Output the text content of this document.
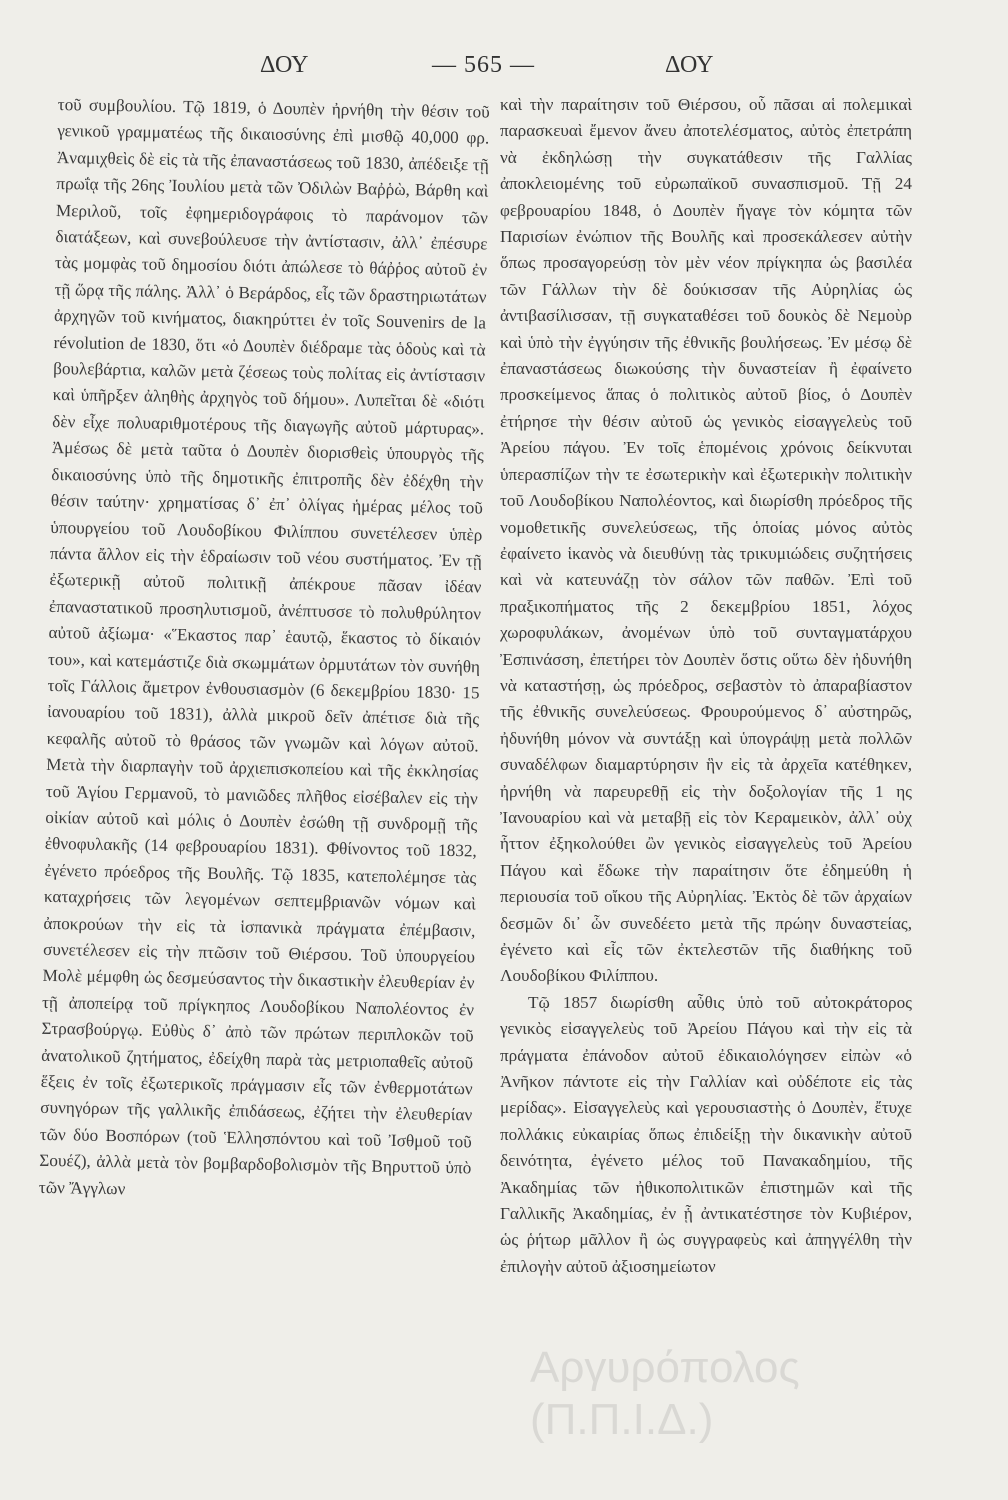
ΔΟΥ	— 565 —	ΔΟΥ

τοῦ συμβουλίου. Τῷ 1819, ὁ Δουπὲν ἠρνήθη τὴν θέσιν τοῦ γενικοῦ γραμματέως τῆς δικαιοσύνης ἐπὶ μισθῷ 40,000 φρ. Ἀναμιχθεὶς δὲ εἰς τὰ τῆς ἐπαναστάσεως τοῦ 1830, ἀπέδειξε τῇ πρωΐᾳ τῆς 26ης Ἰουλίου μετὰ τῶν Ὀδιλὼν Βαῤῥὼ, Βάρθη καὶ Μεριλοῦ, τοῖς ἐφημεριδογράφοις τὸ παράνομον τῶν διατάξεων, καὶ συνεβούλευσε τὴν ἀντίστασιν, ἀλλ᾽ ἐπέσυρε τὰς μομφὰς τοῦ δημοσίου διότι ἀπώλεσε τὸ θάῤῥος αὐτοῦ ἐν τῇ ὥρᾳ τῆς πάλης. Ἀλλ᾽ ὁ Βεράρδος, εἷς τῶν δραστηριωτάτων ἀρχηγῶν τοῦ κινήματος, διακηρύττει ἐν τοῖς Souvenirs de la révolution de 1830, ὅτι «ὁ Δουπὲν διέδραμε τὰς ὁδοὺς καὶ τὰ βουλεβάρτια, καλῶν μετὰ ζέσεως τοὺς πολίτας εἰς ἀντίστασιν καὶ ὑπῆρξεν ἀληθὴς ἀρχηγὸς τοῦ δήμου». Λυπεῖται δὲ «διότι δὲν εἶχε πολυαριθμοτέρους τῆς διαγωγῆς αὐτοῦ μάρτυρας». Ἀμέσως δὲ μετὰ ταῦτα ὁ Δουπὲν διορισθεὶς ὑπουργὸς τῆς δικαιοσύνης ὑπὸ τῆς δημοτικῆς ἐπιτροπῆς δὲν ἐδέχθη τὴν θέσιν ταύτην· χρηματίσας δ᾽ ἐπ᾽ ὀλίγας ἡμέρας μέλος τοῦ ὑπουργείου τοῦ Λουδοβίκου Φιλίππου συνετέλεσεν ὑπὲρ πάντα ἄλλον εἰς τὴν ἑδραίωσιν τοῦ νέου συστήματος. Ἐν τῇ ἐξωτερικῇ αὐτοῦ πολιτικῇ ἀπέκρουε πᾶσαν ἰδέαν ἐπαναστατικοῦ προσηλυτισμοῦ, ἀνέπτυσσε τὸ πολυθρύλητον αὐτοῦ ἀξίωμα· «Ἕκαστος παρ᾽ ἑαυτῷ, ἕκαστος τὸ δίκαιόν του», καὶ κατεμάστιζε διὰ σκωμμάτων ὀρμυτάτων τὸν συνήθη τοῖς Γάλλοις ἄμετρον ἐνθουσιασμὸν (6 δεκεμβρίου 1830· 15 ἰανουαρίου τοῦ 1831), ἀλλὰ μικροῦ δεῖν ἀπέτισε διὰ τῆς κεφαλῆς αὐτοῦ τὸ θράσος τῶν γνωμῶν καὶ λόγων αὐτοῦ. Μετὰ τὴν διαρπαγὴν τοῦ ἀρχιεπισκοπείου καὶ τῆς ἐκκλησίας τοῦ Ἁγίου Γερμανοῦ, τὸ μανιῶδες πλῆθος εἰσέβαλεν εἰς τὴν οἰκίαν αὐτοῦ καὶ μόλις ὁ Δουπὲν ἐσώθη τῇ συνδρομῇ τῆς ἐθνοφυλακῆς (14 φεβρουαρίου 1831). Φθίνοντος τοῦ 1832, ἐγένετο πρόεδρος τῆς Βουλῆς. Τῷ 1835, κατεπολέμησε τὰς καταχρήσεις τῶν λεγομένων σεπτεμβριανῶν νόμων καὶ ἀποκρούων τὴν εἰς τὰ ἱσπανικὰ πράγματα ἐπέμβασιν, συνετέλεσεν εἰς τὴν πτῶσιν τοῦ Θιέρσου. Τοῦ ὑπουργείου Μολὲ μέμφθη ὡς δεσμεύσαντος τὴν δικαστικὴν ἐλευθερίαν ἐν τῇ ἀποπείρᾳ τοῦ πρίγκηπος Λουδοβίκου Ναπολέοντος ἐν Στρασβούργῳ. Εὐθὺς δ᾽ ἀπὸ τῶν πρώτων περιπλοκῶν τοῦ ἀνατολικοῦ ζητήματος, ἐδείχθη παρὰ τὰς μετριοπαθεῖς αὐτοῦ ἕξεις ἐν τοῖς ἐξωτερικοῖς πράγμασιν εἷς τῶν ἐνθερμοτάτων συνηγόρων τῆς γαλλικῆς ἐπιδάσεως, ἐζήτει τὴν ἐλευθερίαν τῶν δύο Βοσπόρων (τοῦ Ἑλλησπόντου καὶ τοῦ Ἰσθμοῦ τοῦ Σουέζ), ἀλλὰ μετὰ τὸν βομβαρδοβολισμὸν τῆς Βηρυττοῦ ὑπὸ τῶν Ἄγγλων

καὶ τὴν παραίτησιν τοῦ Θιέρσου, οὗ πᾶσαι αἱ πολεμικαὶ παρασκευαὶ ἔμενον ἄνευ ἀποτελέσματος, αὐτὸς ἐπετράπη νὰ ἐκδηλώσῃ τὴν συγκατάθεσιν τῆς Γαλλίας ἀποκλειομένης τοῦ εὐρωπαϊκοῦ συνασπισμοῦ. Τῇ 24 φεβρουαρίου 1848, ὁ Δουπὲν ἤγαγε τὸν κόμητα τῶν Παρισίων ἐνώπιον τῆς Βουλῆς καὶ προσεκάλεσεν αὐτὴν ὅπως προσαγορεύσῃ τὸν μὲν νέον πρίγκηπα ὡς βασιλέα τῶν Γάλλων τὴν δὲ δούκισσαν τῆς Αὐρηλίας ὡς ἀντιβασίλισσαν, τῇ συγκαταθέσει τοῦ δουκὸς δὲ Νεμοὺρ καὶ ὑπὸ τὴν ἐγγύησιν τῆς ἐθνικῆς βουλήσεως. Ἐν μέσῳ δὲ ἐπαναστάσεως διωκούσης τὴν δυναστείαν ἢ ἐφαίνετο προσκείμενος ἅπας ὁ πολιτικὸς αὐτοῦ βίος, ὁ Δουπὲν ἐτήρησε τὴν θέσιν αὐτοῦ ὡς γενικὸς εἰσαγγελεὺς τοῦ Ἀρείου πάγου. Ἐν τοῖς ἑπομένοις χρόνοις δείκνυται ὑπερασπίζων τὴν τε ἐσωτερικὴν καὶ ἐξωτερικὴν πολιτικὴν τοῦ Λουδοβίκου Ναπολέοντος, καὶ διωρίσθη πρόεδρος τῆς νομοθετικῆς συνελεύσεως, τῆς ὁποίας μόνος αὐτὸς ἐφαίνετο ἱκανὸς νὰ διευθύνῃ τὰς τρικυμιώδεις συζητήσεις καὶ νὰ κατευνάζῃ τὸν σάλον τῶν παθῶν. Ἐπὶ τοῦ πραξικοπήματος τῆς 2 δεκεμβρίου 1851, λόχος χωροφυλάκων, ἀνομένων ὑπὸ τοῦ συνταγματάρχου Ἐσπινάσση, ἐπετήρει τὸν Δουπὲν ὅστις οὕτω δὲν ἠδυνήθη νὰ καταστήσῃ, ὡς πρόεδρος, σεβαστὸν τὸ ἀπαραβίαστον τῆς ἐθνικῆς συνελεύσεως. Φρουρούμενος δ᾽ αὐστηρῶς, ἠδυνήθη μόνον νὰ συντάξῃ καὶ ὑπογράψῃ μετὰ πολλῶν συναδέλφων διαμαρτύρησιν ἣν εἰς τὰ ἀρχεῖα κατέθηκεν, ἠρνήθη νὰ παρευρεθῇ εἰς τὴν δοξολογίαν τῆς 1 ης Ἰανουαρίου καὶ νὰ μεταβῇ εἰς τὸν Κεραμεικὸν, ἀλλ᾽ οὐχ ἧττον ἐξηκολούθει ὢν γενικὸς εἰσαγγελεὺς τοῦ Ἀρείου Πάγου καὶ ἔδωκε τὴν παραίτησιν ὅτε ἐδημεύθη ἡ περιουσία τοῦ οἴκου τῆς Αὐρηλίας. Ἐκτὸς δὲ τῶν ἀρχαίων δεσμῶν δι᾽ ὧν συνεδέετο μετὰ τῆς πρώην δυναστείας, ἐγένετο καὶ εἷς τῶν ἐκτελεστῶν τῆς διαθήκης τοῦ Λουδοβίκου Φιλίππου.

Τῷ 1857 διωρίσθη αὖθις ὑπὸ τοῦ αὐτοκράτορος γενικὸς εἰσαγγελεὺς τοῦ Ἀρείου Πάγου καὶ τὴν εἰς τὰ πράγματα ἐπάνοδον αὐτοῦ ἐδικαιολόγησεν εἰπὼν «ὁ Ἀνῆκον πάντοτε εἰς τὴν Γαλλίαν καὶ οὐδέποτε εἰς τὰς μερίδας». Εἰσαγγελεὺς καὶ γερουσιαστὴς ὁ Δουπὲν, ἔτυχε πολλάκις εὐκαιρίας ὅπως ἐπιδείξῃ τὴν δικανικὴν αὐτοῦ δεινότητα, ἐγένετο μέλος τοῦ Πανακαδημίου, τῆς Ἀκαδημίας τῶν ἠθικοπολιτικῶν ἐπιστημῶν καὶ τῆς Γαλλικῆς Ἀκαδημίας, ἐν ᾗ ἀντικατέστησε τὸν Κυβιέρον, ὡς ῥήτωρ μᾶλλον ἢ ὡς συγγραφεὺς καὶ ἀπηγγέλθη τὴν ἐπιλογὴν αὐτοῦ ἀξιοσημείωτον

Αργυρόπολος (Π.Π.Ι.Δ.)
